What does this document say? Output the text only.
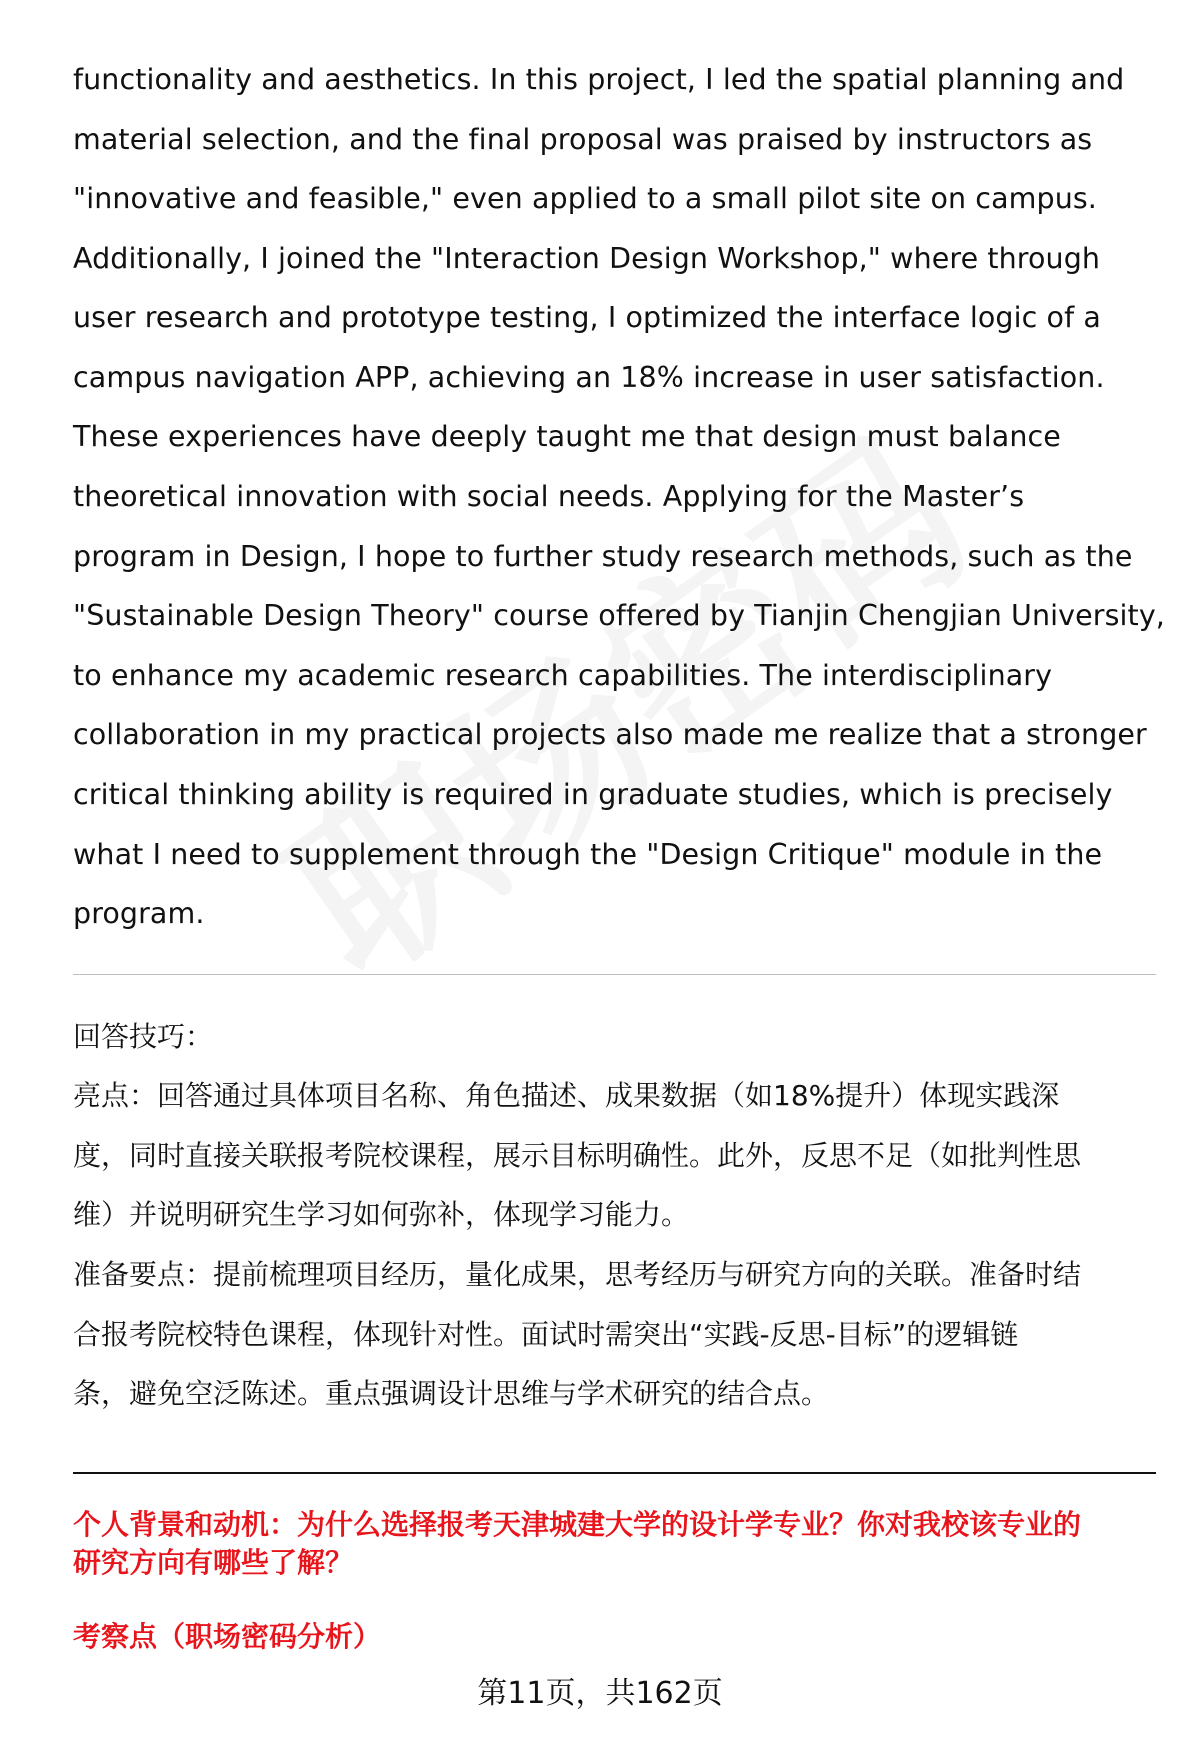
functionality and aesthetics. In this project, I led the spatial planning and
material selection, and the final proposal was praised by instructors as
"innovative and feasible," even applied to a small pilot site on campus.
Additionally, I joined the "Interaction Design Workshop," where through
user research and prototype testing, I optimized the interface logic of a
campus navigation APP, achieving an 18% increase in user satisfaction.
These experiences have deeply taught me that design must balance
theoretical innovation with social needs. Applying for the Master’s
program in Design, I hope to further study research methods, such as the
"Sustainable Design Theory" course offered by Tianjin Chengjian University,
to enhance my academic research capabilities. The interdisciplinary
collaboration in my practical projects also made me realize that a stronger
critical thinking ability is required in graduate studies, which is precisely
what I need to supplement through the "Design Critique" module in the
program.
回答技巧：
亮点：回答通过具体项目名称、角色描述、成果数据（如18%提升）体现实践深
度，同时直接关联报考院校课程，展示目标明确性。此外，反思不足（如批判性思
维）并说明研究生学习如何弥补，体现学习能力。
准备要点：提前梳理项目经历，量化成果，思考经历与研究方向的关联。准备时结
合报考院校特色课程，体现针对性。面试时需突出“实践-反思-目标”的逻辑链
条，避免空泛陈述。重点强调设计思维与学术研究的结合点。
个人背景和动机：为什么选择报考天津城建大学的设计学专业？你对我校该专业的
研究方向有哪些了解？
考察点（职场密码分析）
第11页，共162页
